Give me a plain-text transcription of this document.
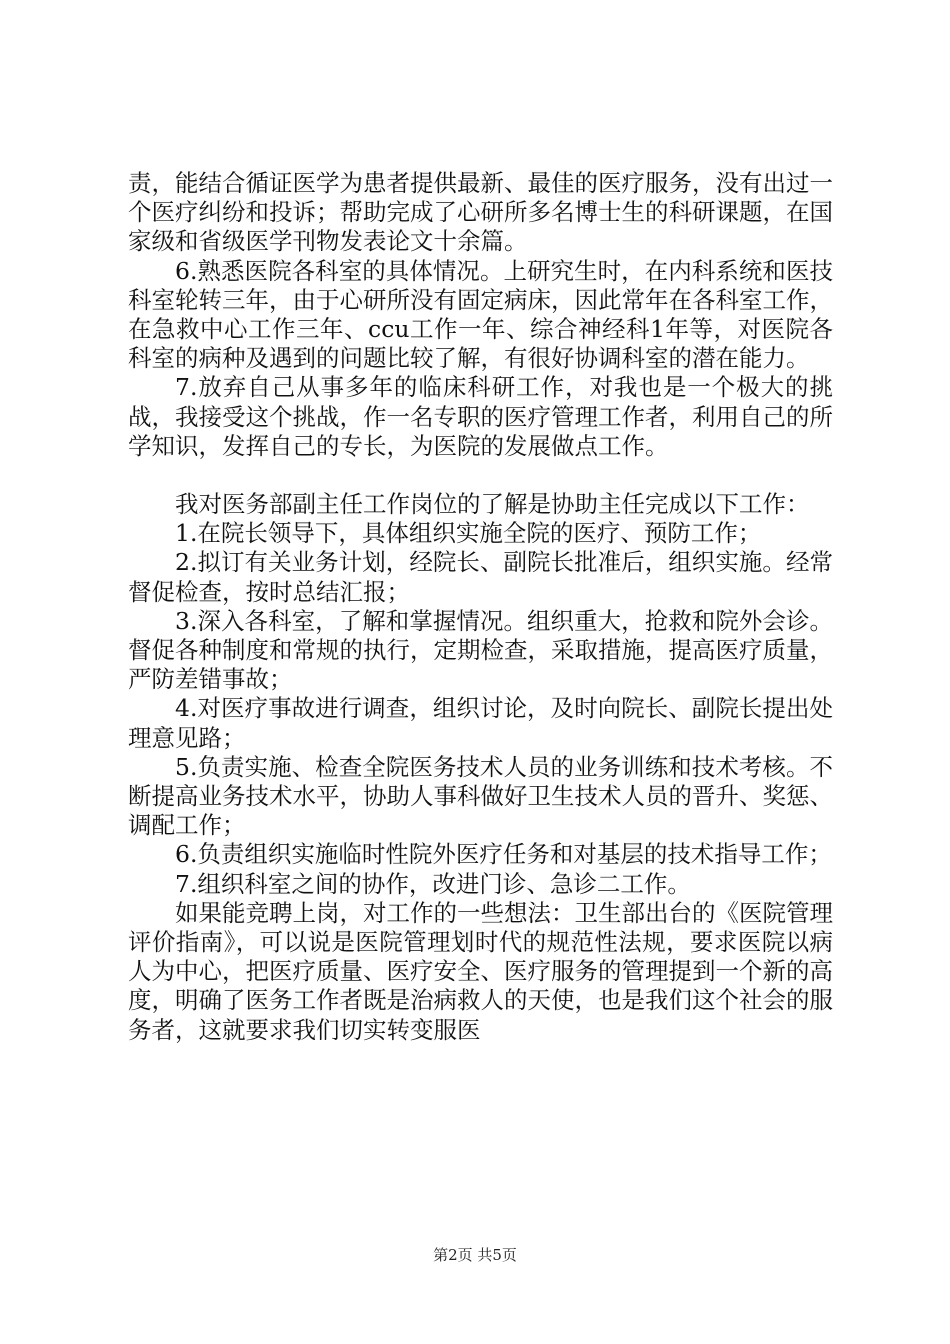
责，能结合循证医学为患者提供最新、最佳的医疗服务，没有出过一个医疗纠纷和投诉；帮助完成了心研所多名博士生的科研课题，在国家级和省级医学刊物发表论文十余篇。

6.熟悉医院各科室的具体情况。上研究生时，在内科系统和医技科室轮转三年，由于心研所没有固定病床，因此常年在各科室工作，在急救中心工作三年、ccu工作一年、综合神经科1年等，对医院各科室的病种及遇到的问题比较了解，有很好协调科室的潜在能力。

7.放弃自己从事多年的临床科研工作，对我也是一个极大的挑战，我接受这个挑战，作一名专职的医疗管理工作者，利用自己的所学知识，发挥自己的专长，为医院的发展做点工作。

我对医务部副主任工作岗位的了解是协助主任完成以下工作：

1.在院长领导下，具体组织实施全院的医疗、预防工作；

2.拟订有关业务计划，经院长、副院长批准后，组织实施。经常督促检查，按时总结汇报；

3.深入各科室，了解和掌握情况。组织重大，抢救和院外会诊。督促各种制度和常规的执行，定期检查，采取措施，提高医疗质量，严防差错事故；

4.对医疗事故进行调查，组织讨论，及时向院长、副院长提出处理意见路；

5.负责实施、检查全院医务技术人员的业务训练和技术考核。不断提高业务技术水平，协助人事科做好卫生技术人员的晋升、奖惩、调配工作；

6.负责组织实施临时性院外医疗任务和对基层的技术指导工作；

7.组织科室之间的协作，改进门诊、急诊二工作。

如果能竞聘上岗，对工作的一些想法：卫生部出台的《医院管理评价指南》，可以说是医院管理划时代的规范性法规，要求医院以病人为中心，把医疗质量、医疗安全、医疗服务的管理提到一个新的高度，明确了医务工作者既是治病救人的天使，也是我们这个社会的服务者，这就要求我们切实转变服医

第2页 共5页
